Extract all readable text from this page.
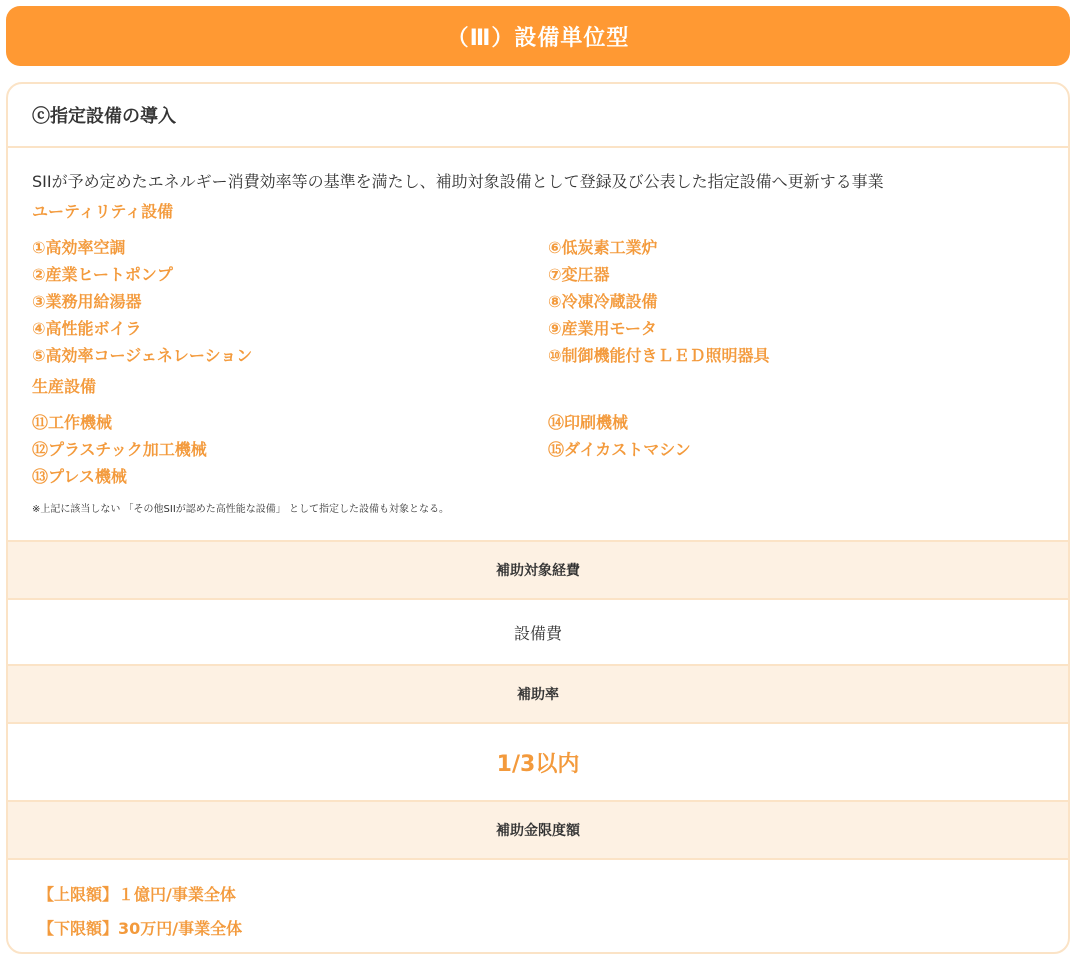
（Ⅲ）設備単位型
ⓒ指定設備の導入

SIIが予め定めたエネルギー消費効率等の基準を満たし、補助対象設備として登録及び公表した指定設備へ更新する事業

ユーティリティ設備
①高効率空調	⑥低炭素工業炉
②産業ヒートポンプ	⑦変圧器
③業務用給湯器	⑧冷凍冷蔵設備
④高性能ボイラ	⑨産業用モータ
⑤高効率コージェネレーション	⑩制御機能付きＬＥＤ照明器具
生産設備
⑪工作機械	⑭印刷機械
⑫プラスチック加工機械	⑮ダイカストマシン
⑬プレス機械

※上記に該当しない 「その他SIIが認めた高性能な設備」 として指定した設備も対象となる。

補助対象経費
設備費
補助率
1/3以内
補助金限度額
【上限額】１億円/事業全体
【下限額】30万円/事業全体
